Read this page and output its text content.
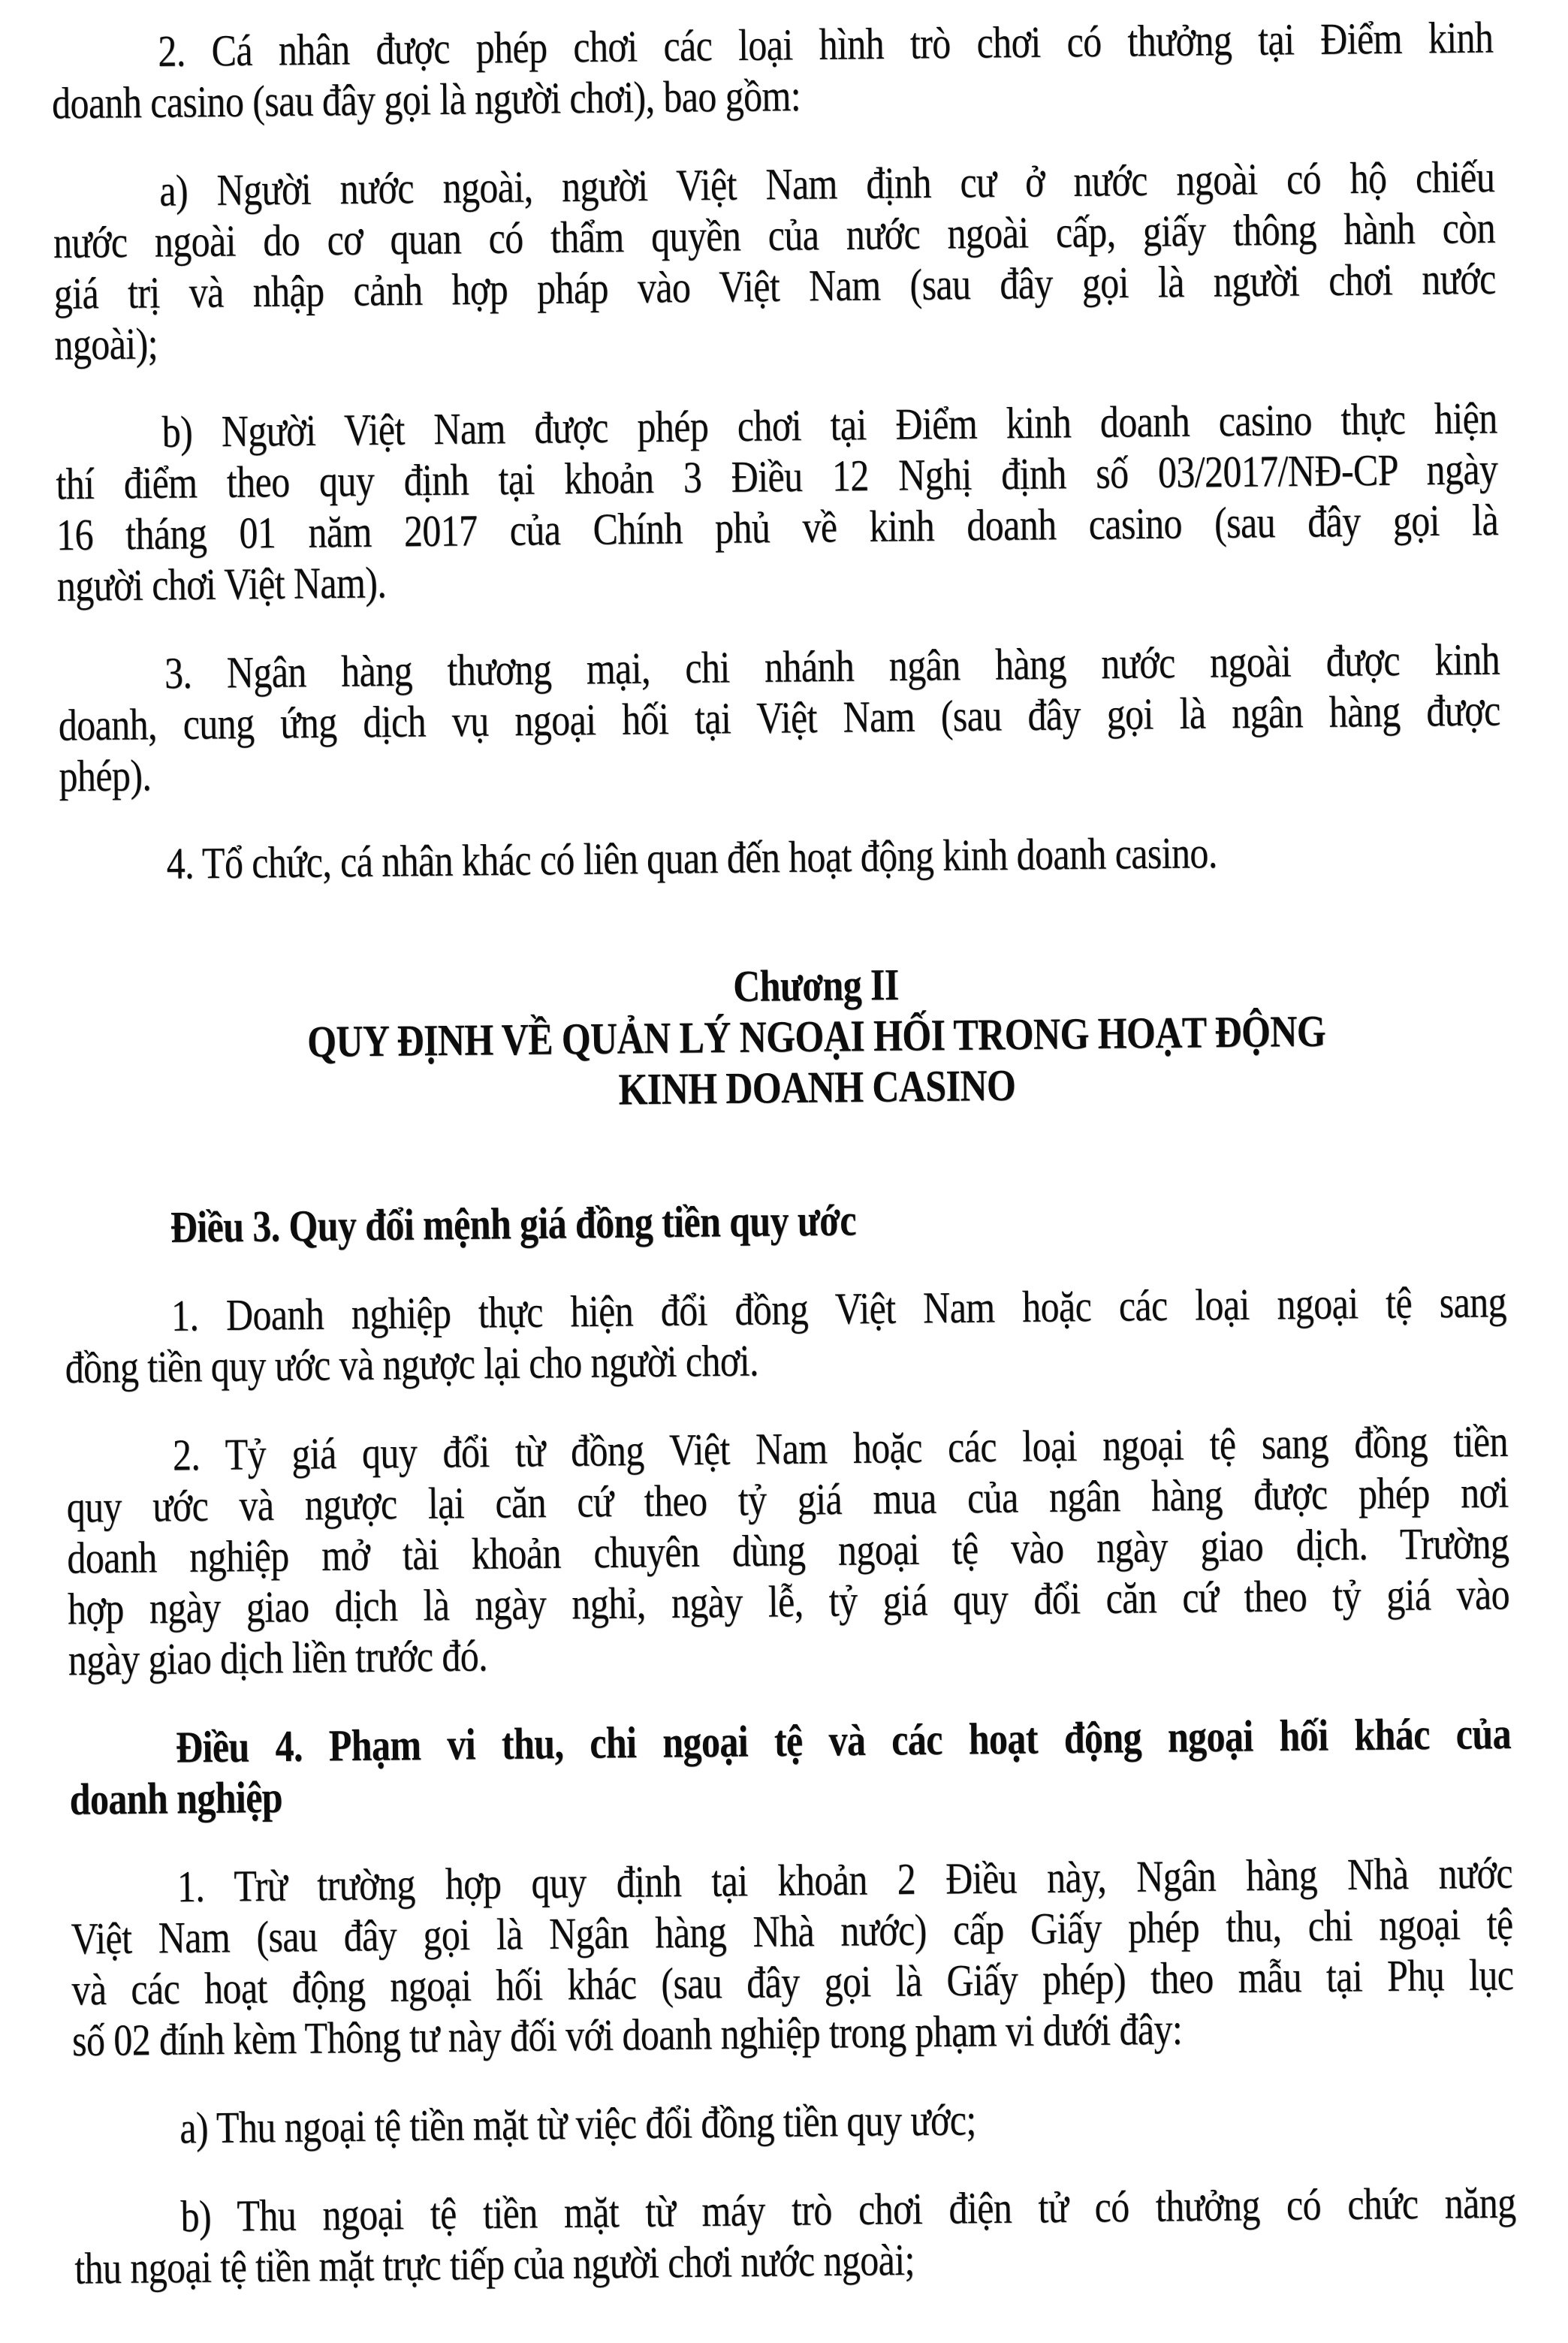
2. Cá nhân được phép chơi các loại hình trò chơi có thưởng tại Điểm kinh
doanh casino (sau đây gọi là người chơi), bao gồm:
a) Người nước ngoài, người Việt Nam định cư ở nước ngoài có hộ chiếu
nước ngoài do cơ quan có thẩm quyền của nước ngoài cấp, giấy thông hành còn
giá trị và nhập cảnh hợp pháp vào Việt Nam (sau đây gọi là người chơi nước
ngoài);
b) Người Việt Nam được phép chơi tại Điểm kinh doanh casino thực hiện
thí điểm theo quy định tại khoản 3 Điều 12 Nghị định số 03/2017/NĐ-CP ngày
16 tháng 01 năm 2017 của Chính phủ về kinh doanh casino (sau đây gọi là
người chơi Việt Nam).
3. Ngân hàng thương mại, chi nhánh ngân hàng nước ngoài được kinh
doanh, cung ứng dịch vụ ngoại hối tại Việt Nam (sau đây gọi là ngân hàng được
phép).
4. Tổ chức, cá nhân khác có liên quan đến hoạt động kinh doanh casino.
Chương II
QUY ĐỊNH VỀ QUẢN LÝ NGOẠI HỐI TRONG HOẠT ĐỘNG
KINH DOANH CASINO
Điều 3. Quy đổi mệnh giá đồng tiền quy ước
1. Doanh nghiệp thực hiện đổi đồng Việt Nam hoặc các loại ngoại tệ sang
đồng tiền quy ước và ngược lại cho người chơi.
2. Tỷ giá quy đổi từ đồng Việt Nam hoặc các loại ngoại tệ sang đồng tiền
quy ước và ngược lại căn cứ theo tỷ giá mua của ngân hàng được phép nơi
doanh nghiệp mở tài khoản chuyên dùng ngoại tệ vào ngày giao dịch. Trường
hợp ngày giao dịch là ngày nghỉ, ngày lễ, tỷ giá quy đổi căn cứ theo tỷ giá vào
ngày giao dịch liền trước đó.
Điều 4. Phạm vi thu, chi ngoại tệ và các hoạt động ngoại hối khác của
doanh nghiệp
1. Trừ trường hợp quy định tại khoản 2 Điều này, Ngân hàng Nhà nước
Việt Nam (sau đây gọi là Ngân hàng Nhà nước) cấp Giấy phép thu, chi ngoại tệ
và các hoạt động ngoại hối khác (sau đây gọi là Giấy phép) theo mẫu tại Phụ lục
số 02 đính kèm Thông tư này đối với doanh nghiệp trong phạm vi dưới đây:
a) Thu ngoại tệ tiền mặt từ việc đổi đồng tiền quy ước;
b) Thu ngoại tệ tiền mặt từ máy trò chơi điện tử có thưởng có chức năng
thu ngoại tệ tiền mặt trực tiếp của người chơi nước ngoài;
